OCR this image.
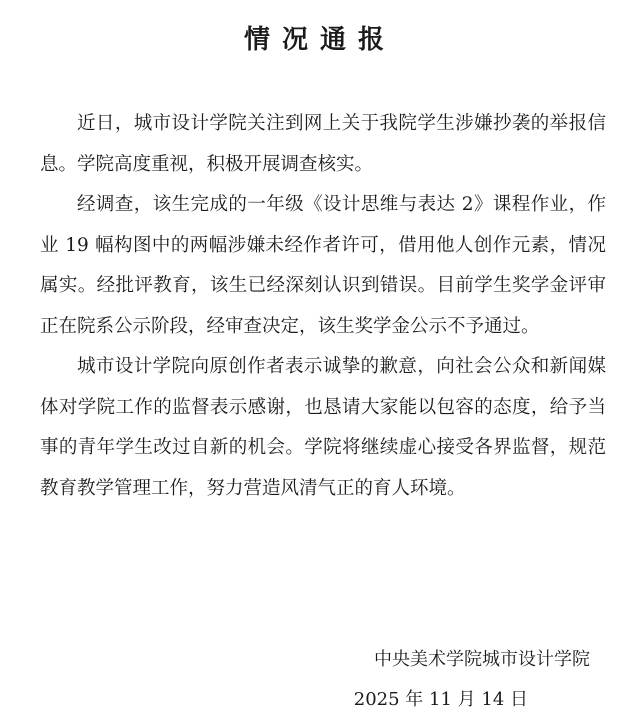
情况通报

近日，城市设计学院关注到网上关于我院学生涉嫌抄袭的举报信息。学院高度重视，积极开展调查核实。

经调查，该生完成的一年级《设计思维与表达 2》课程作业，作业 19 幅构图中的两幅涉嫌未经作者许可，借用他人创作元素，情况属实。经批评教育，该生已经深刻认识到错误。目前学生奖学金评审正在院系公示阶段，经审查决定，该生奖学金公示不予通过。

城市设计学院向原创作者表示诚挚的歉意，向社会公众和新闻媒体对学院工作的监督表示感谢，也恳请大家能以包容的态度，给予当事的青年学生改过自新的机会。学院将继续虚心接受各界监督，规范教育教学管理工作，努力营造风清气正的育人环境。

中央美术学院城市设计学院
2025 年 11 月 14 日
